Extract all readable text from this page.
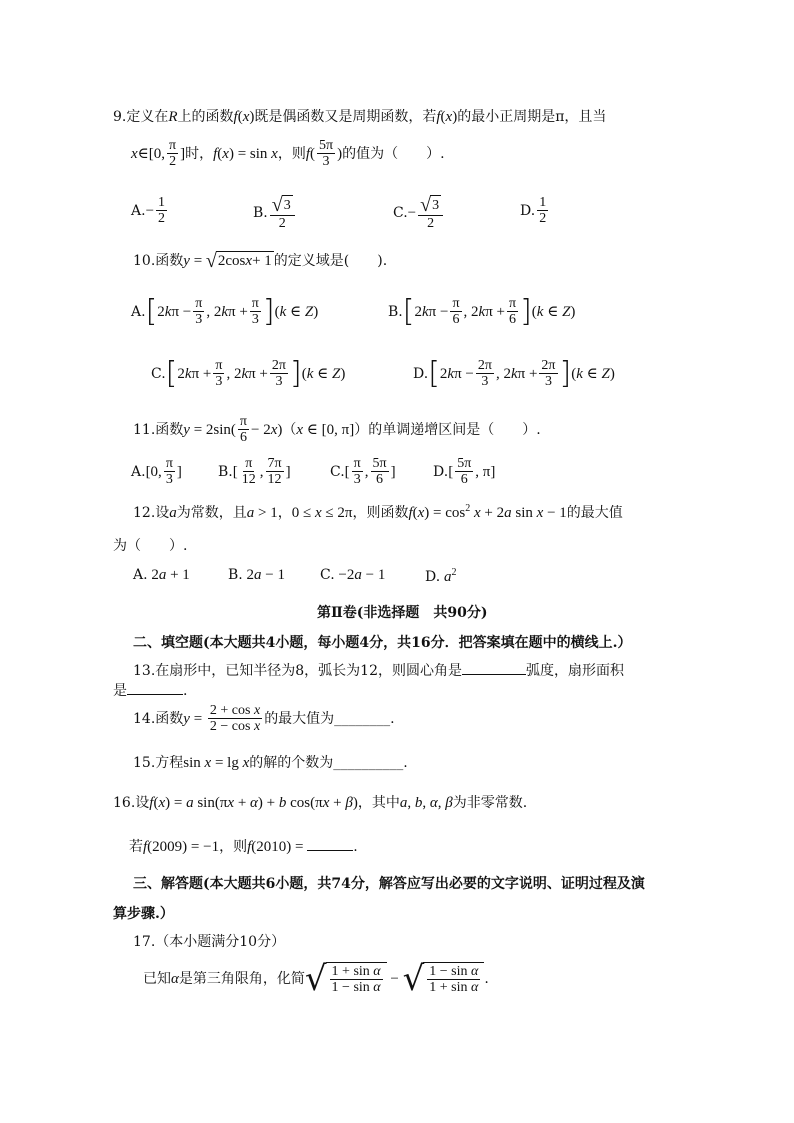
9.定义在R上的函数f(x)既是偶函数又是周期函数，若f(x)的最小正周期是π，且当
x∈[0, $\frac{\pi}{2}$ ]时，f(x) = sin x，则$f( \frac{5\pi}{3}$ )的值为（　　）.
$A.- \frac{1}{2}$	B. $\frac{√ 3}{2}$	$C.- \frac{√ 3}{2}$	D. $\frac{1}{2}$
10.函数y = √ 2cos x + 1 的定义域是(　　).
$A.[2k\pi - \frac{\pi}{3}$ , $2k\pi + \frac{\pi}{3} ](k$ ∈ Z)	$B.[2k\pi - \frac{\pi}{6}$ , $2k\pi + \frac{\pi}{6} ](k$ ∈ Z)
$C.[2k\pi + \frac{\pi}{3}$ , $2k\pi + \frac{2\pi}{3} ](k$ ∈ Z)	$D.[2k\pi - \frac{2\pi}{3}$ , $2k\pi + \frac{2\pi}{3} ](k$ ∈ Z)
11.函数$y = 2\sin( \frac{\pi}{6} - 2x)(x$ ∈ [0, π]）的单调递增区间是（　　）.
A.[0, $\frac{\pi}{3}$ ]	$B.[ \frac{\pi}{12}$ , $\frac{7\pi}{12}$ ]	$C.[ \frac{\pi}{3}$ , $\frac{5\pi}{6}$ ]	$D.[ \frac{5\pi}{6}$ , π]
12.设a为常数，且a > 1，0 ≤ x ≤ 2π，则函数$f(x) = \cos^2 x + 2a$ sin x − 1的最大值
为（　　）.
A. 2a + 1	B. 2a − 1	C. −2a − 1	D. $a^2$
第Ⅱ卷(非选择题　共90分)
二、填空题(本大题共4小题，每小题4分，共16分．把答案填在题中的横线上.）
13.在扇形中，已知半径为8，弧长为12，则圆心角是	弧度，扇形面积
是	.
14.函数$y = \frac{\text{2 + cos x}}{\text{2 − cos x}}$ 的最大值为________.
15.方程sin x = lg x的解的个数为__________.
16.设f(x) = a sin(πx + α) + b cos(πx + β)，其中a, b, α, β为非零常数.
若f(2009) = −1，则f(2010) =	.
三、解答题(本大题共6小题，共74分，解答应写出必要的文字说明、证明过程及演
算步骤.）
17.（本小题满分10分）
已知α是第三角限角，化简 √ $\frac{\text{1 + sin α}}{\text{1 − sin α}}$ − √ $\frac{\text{1 − sin α}}{\text{1 + sin α}}$ .
